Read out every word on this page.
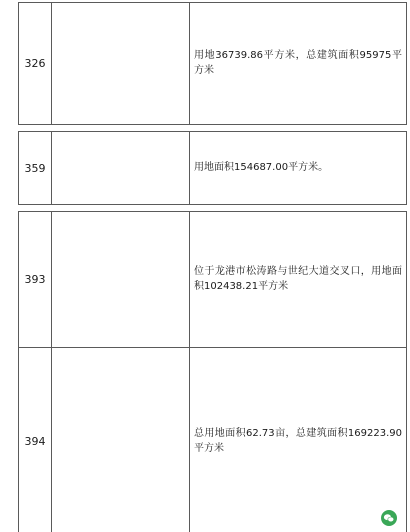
326		用地36739.86平方米，总建筑面积95975平方米

359		用地面积154687.00平方米。

393		位于龙港市松涛路与世纪大道交叉口，用地面积102438.21平方米
394		总用地面积62.73亩，总建筑面积169223.90平方米
